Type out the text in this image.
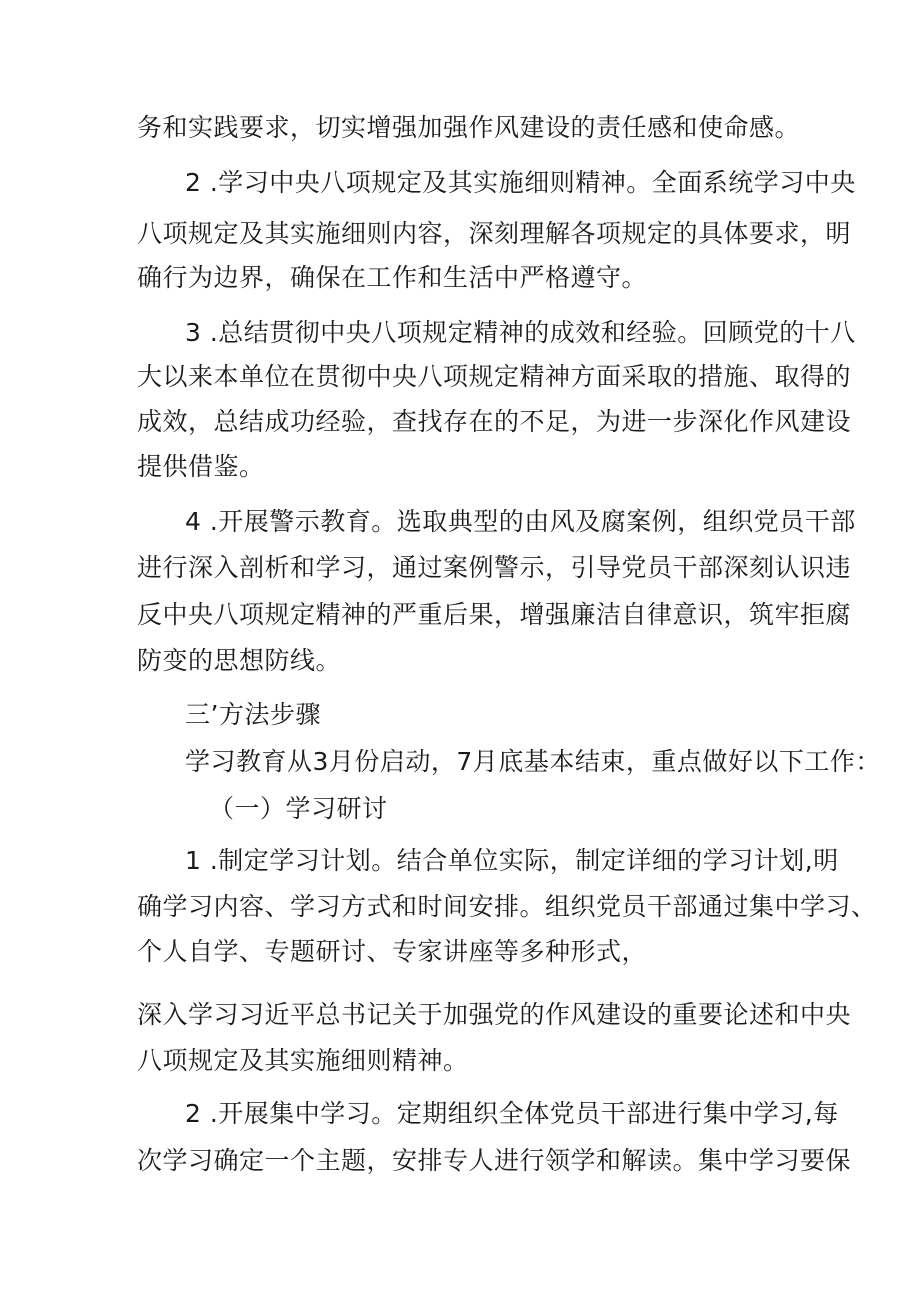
务和实践要求，切实增强加强作风建设的责任感和使命感。
2 .学习中央八项规定及其实施细则精神。全面系统学习中央
八项规定及其实施细则内容，深刻理解各项规定的具体要求，明
确行为边界，确保在工作和生活中严格遵守。
3 .总结贯彻中央八项规定精神的成效和经验。回顾党的十八
大以来本单位在贯彻中央八项规定精神方面采取的措施、取得的
成效，总结成功经验，查找存在的不足，为进一步深化作风建设
提供借鉴。
4 .开展警示教育。选取典型的由风及腐案例，组织党员干部
进行深入剖析和学习，通过案例警示，引导党员干部深刻认识违
反中央八项规定精神的严重后果，增强廉洁自律意识，筑牢拒腐
防变的思想防线。
三’方法步骤
学习教育从3月份启动，7月底基本结束，重点做好以下工作：
（一）学习研讨
1 .制定学习计划。结合单位实际，制定详细的学习计划,明
确学习内容、学习方式和时间安排。组织党员干部通过集中学习、
个人自学、专题研讨、专家讲座等多种形式，
深入学习习近平总书记关于加强党的作风建设的重要论述和中央
八项规定及其实施细则精神。
2 .开展集中学习。定期组织全体党员干部进行集中学习,每
次学习确定一个主题，安排专人进行领学和解读。集中学习要保
